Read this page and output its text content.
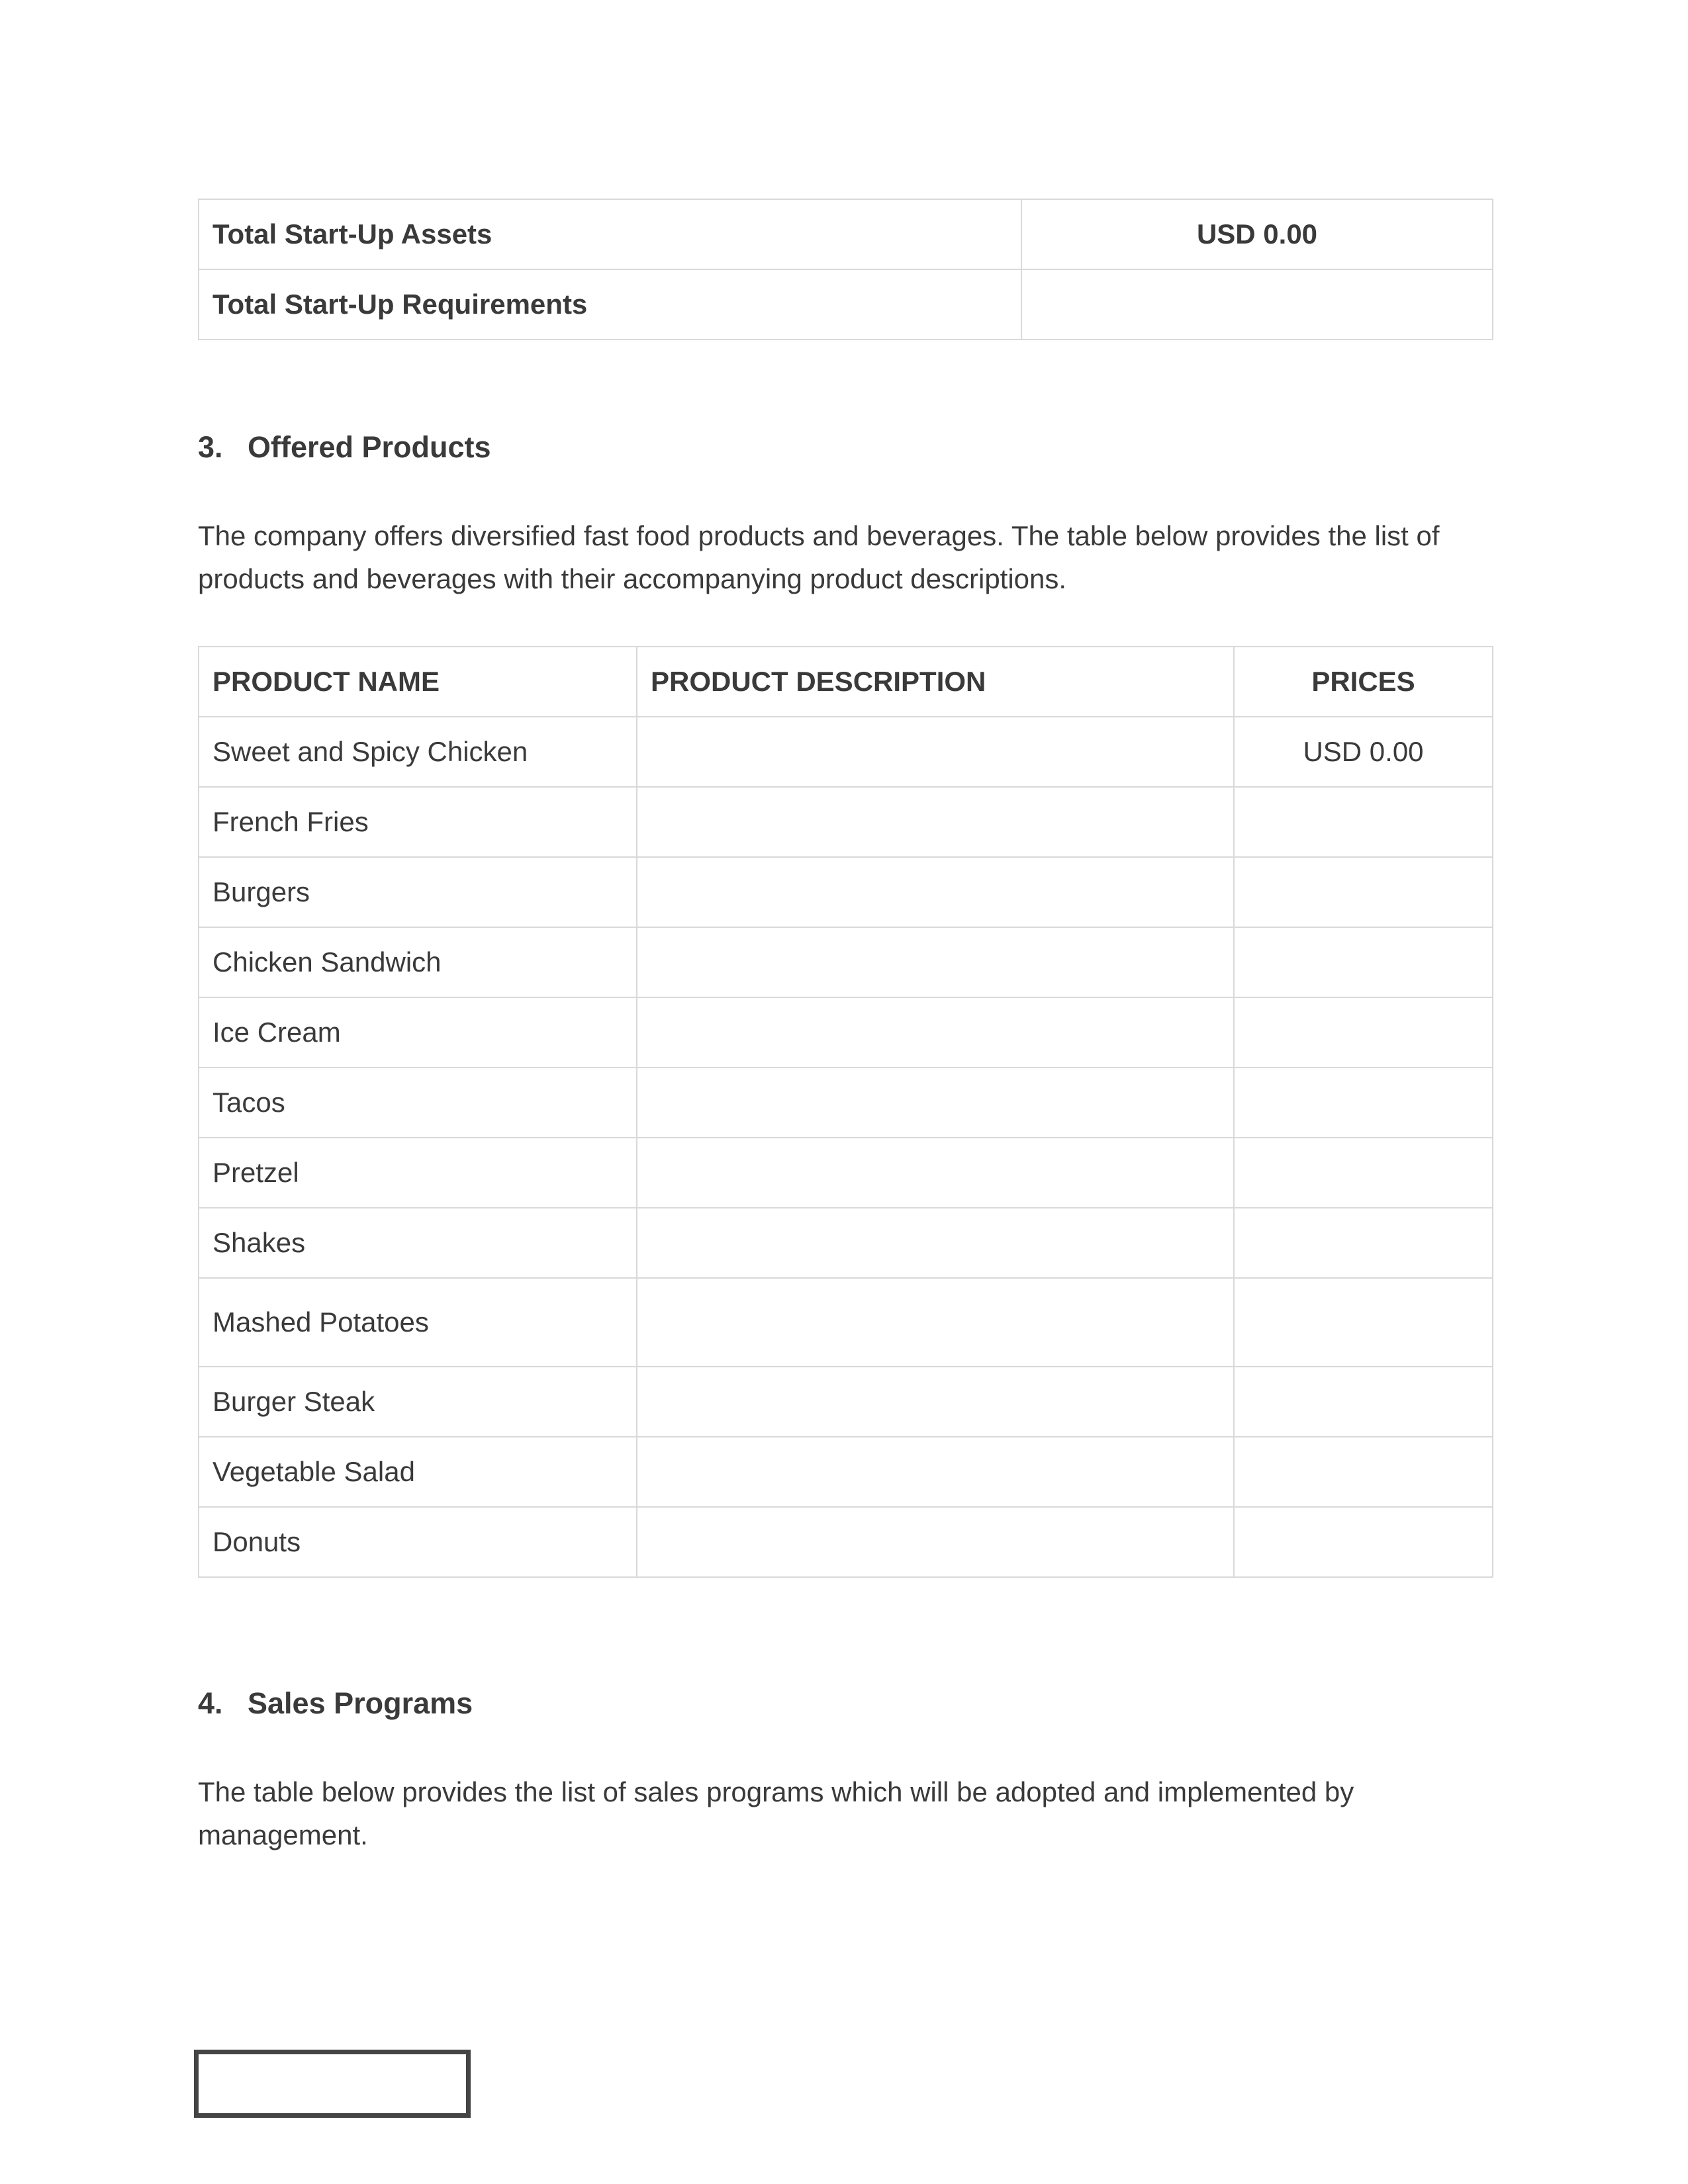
Total Start-Up Assets	USD 0.00
Total Start-Up Requirements	
3. Offered Products

The company offers diversified fast food products and beverages. The table below provides the list of products and beverages with their accompanying product descriptions.

PRODUCT NAME	PRODUCT DESCRIPTION	PRICES
Sweet and Spicy Chicken		USD 0.00
French Fries		
Burgers		
Chicken Sandwich		
Ice Cream		
Tacos		
Pretzel		
Shakes		
Mashed Potatoes		
Burger Steak		
Vegetable Salad		
Donuts		
4. Sales Programs

The table below provides the list of sales programs which will be adopted and implemented by management.
